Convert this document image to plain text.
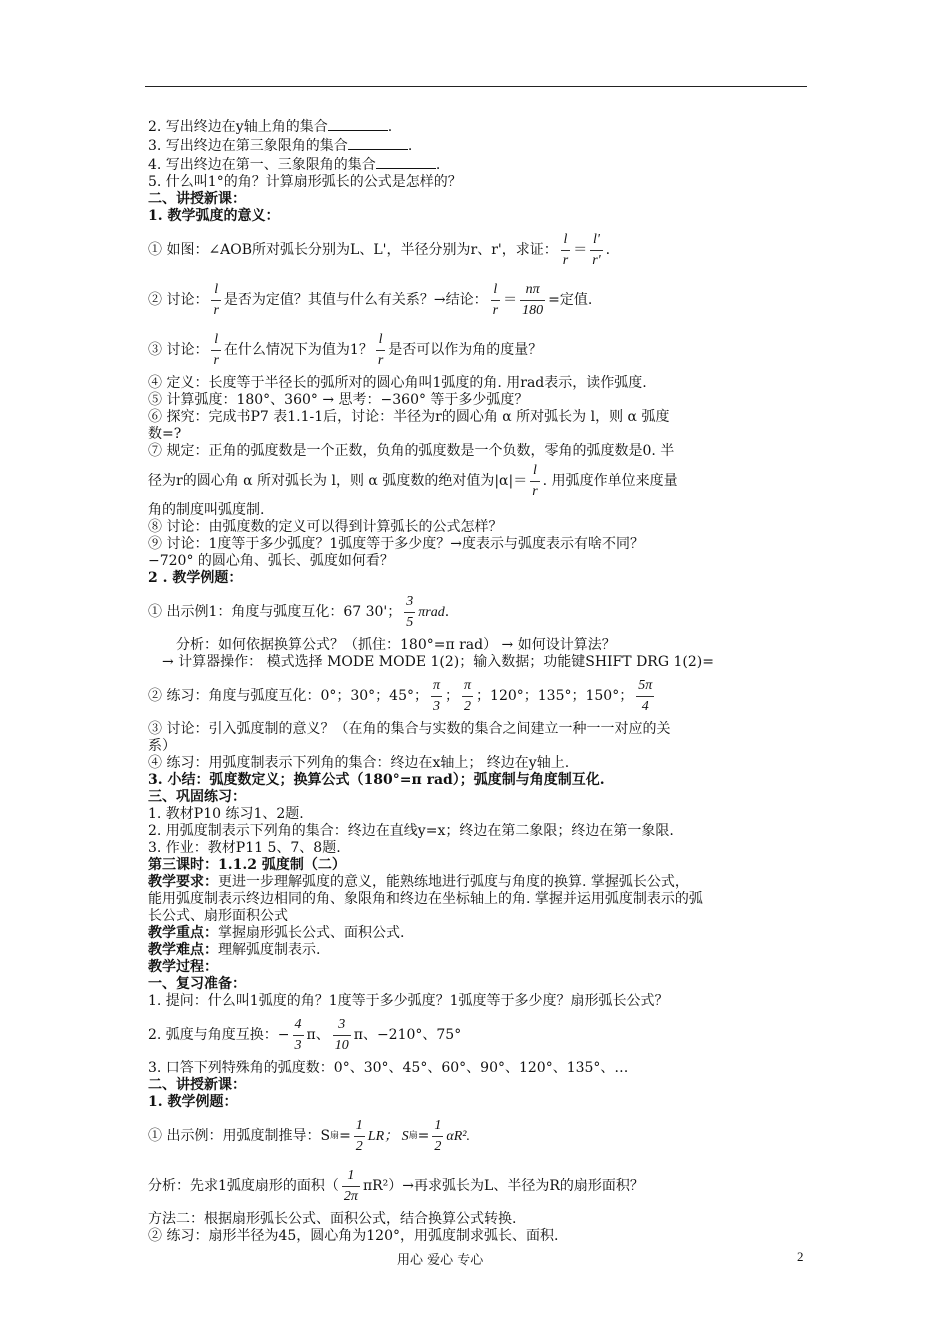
2. 写出终边在y轴上角的集合	.
3. 写出终边在第三象限角的集合	.
4. 写出终边在第一、三象限角的集合	.
5. 什么叫1°的角？计算扇形弧长的公式是怎样的？
二、讲授新课：
1. 教学弧度的意义：
① 如图：∠AOB所对弧长分别为L、L'，半径分别为r、r'，求证： $\frac{l}{r} = \frac{l'}{r'}$ .
② 讨论： $\frac{l}{r}$ 是否为定值？其值与什么有关系？→结论： $\frac{l}{r} = \frac{n\pi}{180}$ =定值.
③ 讨论： $\frac{l}{r}$ 在什么情况下为值为1？ $\frac{l}{r}$ 是否可以作为角的度量？
④ 定义：长度等于半径长的弧所对的圆心角叫1弧度的角. 用rad表示，读作弧度.
⑤ 计算弧度：180°、360° → 思考：−360° 等于多少弧度？
⑥ 探究：完成书P7 表1.1-1后，讨论：半径为r的圆心角 α 所对弧长为 l，则 α 弧度
数=?
⑦ 规定：正角的弧度数是一个正数，负角的弧度数是一个负数，零角的弧度数是0. 半
径为r的圆心角 α 所对弧长为 l，则 α 弧度数的绝对值为$|\alpha|= \frac{l}{r}$ . 用弧度作单位来度量
角的制度叫弧度制.
⑧ 讨论：由弧度数的定义可以得到计算弧长的公式怎样？
⑨ 讨论：1度等于多少弧度？1弧度等于多少度？→度表示与弧度表示有啥不同？
−720° 的圆心角、弧长、弧度如何看？
2 . 教学例题：
① 出示例1：角度与弧度互化：67 30'； $\frac{3}{5}$ πrad .
分析：如何依据换算公式？（抓住：180°=π rad） → 如何设计算法？
→ 计算器操作： 模式选择 MODE MODE 1(2)；输入数据；功能键SHIFT DRG 1(2)=
② 练习：角度与弧度互化：0°；30°；45°； $\frac{\pi}{3}$ ； $\frac{\pi}{2}$ ；120°；135°；150°； $\frac{5\pi}{4}$
③ 讨论：引入弧度制的意义？（在角的集合与实数的集合之间建立一种一一对应的关
系）
④ 练习：用弧度制表示下列角的集合：终边在x轴上； 终边在y轴上.
3. 小结：弧度数定义；换算公式（180°=π rad）；弧度制与角度制互化.
三、巩固练习：
1. 教材P10 练习1、2题.
2. 用弧度制表示下列角的集合：终边在直线y=x；终边在第二象限；终边在第一象限.
3. 作业：教材P11 5、7、8题.
第三课时：1.1.2 弧度制（二）
教学要求：更进一步理解弧度的意义，能熟练地进行弧度与角度的换算. 掌握弧长公式，
能用弧度制表示终边相同的角、象限角和终边在坐标轴上的角. 掌握并运用弧度制表示的弧
长公式、扇形面积公式
教学重点：掌握扇形弧长公式、面积公式.
教学难点：理解弧度制表示.
教学过程：
一、复习准备：
1. 提问：什么叫1弧度的角？1度等于多少弧度？1弧度等于多少度？扇形弧长公式？
2. 弧度与角度互换：− $\frac{4}{3}$ π、 $\frac{3}{10}$ π、−210°、75°
3. 口答下列特殊角的弧度数：0°、30°、45°、60°、90°、120°、135°、…
二、讲授新课：
1. 教学例题：
① 出示例：用弧度制推导：S 扇 = $\frac{1}{2}$ LR； S 扇 = $\frac{1}{2} \alpha R^2$.
分析：先求1弧度扇形的面积（ $\frac{1}{2\pi} \pi R^2)\to$再求弧长为L、半径为R的扇形面积？
方法二：根据扇形弧长公式、面积公式，结合换算公式转换.
② 练习：扇形半径为45，圆心角为120°，用弧度制求弧长、面积.
用心 爱心 专心	2
